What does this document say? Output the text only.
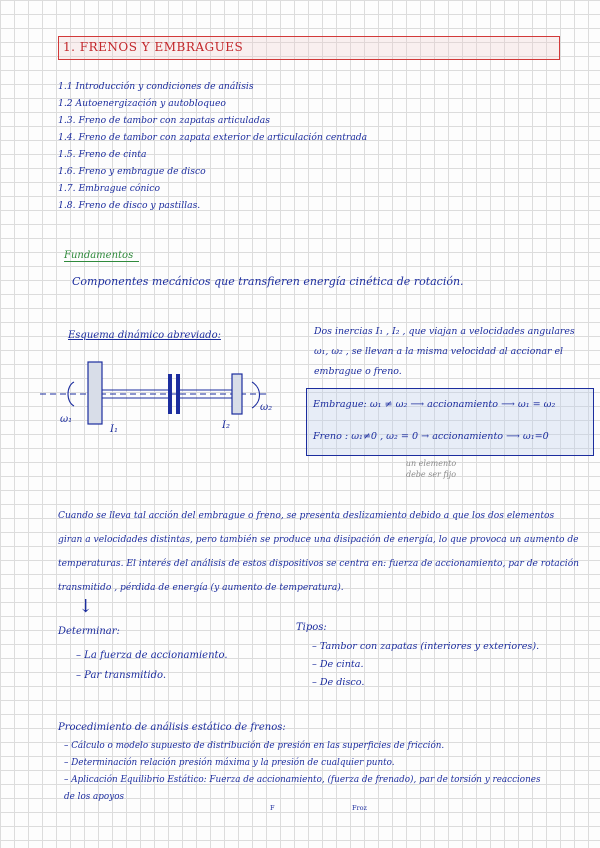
1. FRENOS Y EMBRAGUES
1.1 Introducción y condiciones de análisis
1.2 Autoenergización y autobloqueo
1.3. Freno de tambor con zapatas articuladas
1.4. Freno de tambor con zapata exterior de articulación centrada
1.5. Freno de cinta
1.6. Freno y embrague de disco
1.7. Embrague cónico
1.8. Freno de disco y pastillas.
Fundamentos
Componentes mecánicos que transfieren energía cinética de rotación.
Esquema dinámico abreviado:
ω₁
I₁	I₂
ω₂
Dos inercias I₁ , I₂ , que viajan a velocidades angulares
ω₁, ω₂ , se llevan a la misma velocidad al accionar el
embrague o freno.
Embrague: ω₁ ≠ ω₂ ⟶ accionamiento ⟶ ω₁ = ω₂
Freno : ω₁≠0 , ω₂ = 0 → accionamiento ⟶ ω₁=0
un elemento
debe ser fijo
Cuando se lleva tal acción del embrague o freno, se presenta deslizamiento debido a que los dos elementos
giran a velocidades distintas, pero también se produce una disipación de energía, lo que provoca un aumento de
temperaturas. El interés del análisis de estos dispositivos se centra en: fuerza de accionamiento, par de rotación
transmitido , pérdida de energía (y aumento de temperatura).
↓
Determinar:
– La fuerza de accionamiento.
– Par transmitido.
Tipos:
– Tambor con zapatas (interiores y exteriores).
– De cinta.
– De disco.
Procedimiento de análisis estático de frenos:
– Cálculo o modelo supuesto de distribución de presión en las superficies de fricción.
– Determinación relación presión máxima y la presión de cualquier punto.
– Aplicación Equilibrio Estático: Fuerza de accionamiento, (fuerza de frenado), par de torsión y reacciones
de los apoyos
F	Froz
